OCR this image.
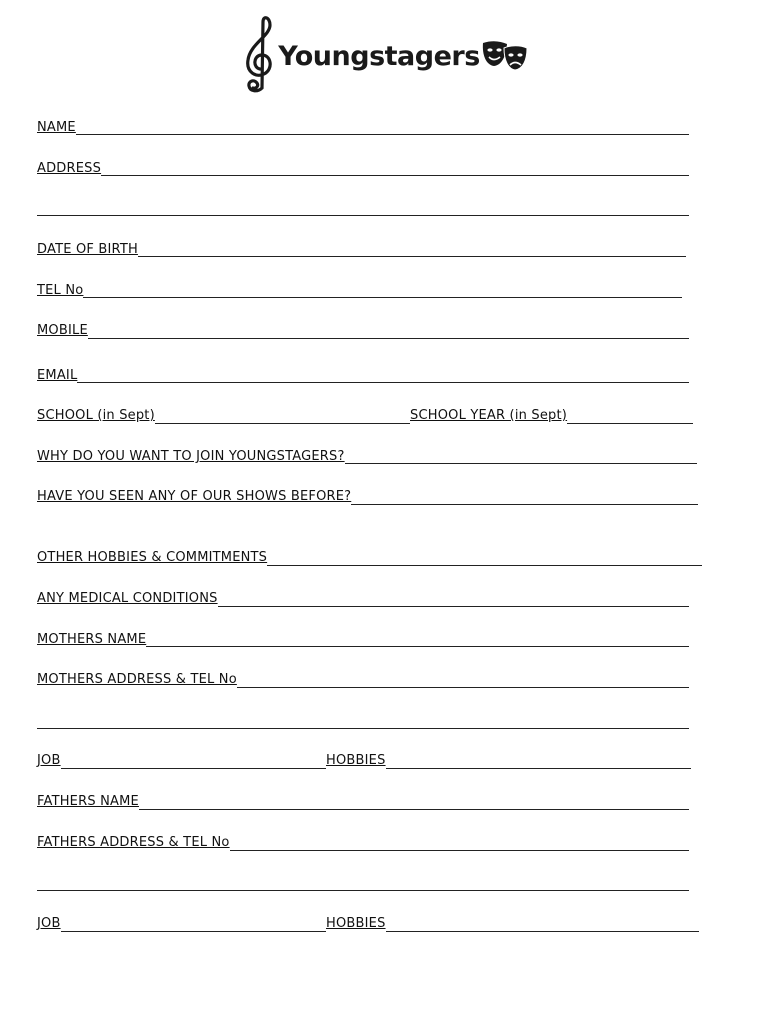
Youngstagers
NAME
ADDRESS
DATE OF BIRTH
TEL No
MOBILE
EMAIL
SCHOOL (in Sept)	SCHOOL YEAR (in Sept)
WHY DO YOU WANT TO JOIN YOUNGSTAGERS?
HAVE YOU SEEN ANY OF OUR SHOWS BEFORE?
OTHER HOBBIES & COMMITMENTS
ANY MEDICAL CONDITIONS
MOTHERS NAME
MOTHERS ADDRESS & TEL No
JOB	HOBBIES
FATHERS NAME
FATHERS ADDRESS & TEL No
JOB	HOBBIES
